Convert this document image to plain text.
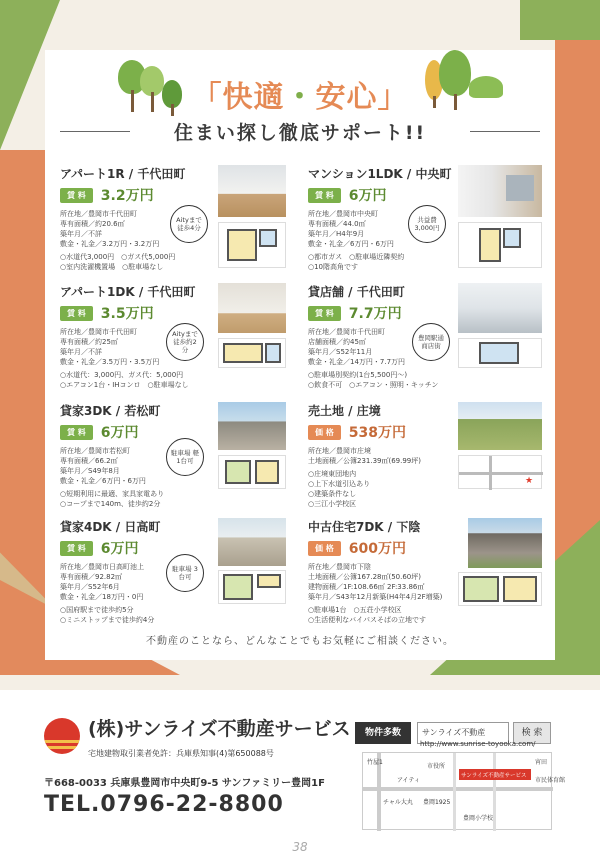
「快適・安心」
住まい探し徹底サポート!!
アパート1R / 千代田町
賃 料	3.2万円
所在地／豊岡市千代田町
専有面積／約20.6㎡
築年月／不詳
敷金・礼金／3.2万円・3.2万円
○水道代3,000円　○ガス代5,000円
○室内洗濯機置場　○駐車場なし
Aityまで 徒歩4分
マンション1LDK / 中央町
賃 料	6万円
所在地／豊岡市中央町
専有面積／44.0㎡
築年月／H4年9月
敷金・礼金／6万円・6万円
○都市ガス　○駐車場近隣契約
○10階高角です
共益費 3,000円
アパート1DK / 千代田町
賃 料	3.5万円
所在地／豊岡市千代田町
専有面積／約25㎡
築年月／不詳
敷金・礼金／3.5万円・3.5万円
○水道代：3,000円、ガス代：5,000円
○エアコン1台・IHコンロ　○駐車場なし
Aityまで 徒歩約2分
貸店舗 / 千代田町
賃 料	7.7万円
所在地／豊岡市千代田町
店舗面積／約45㎡
築年月／S52年11月
敷金・礼金／14万円・7.7万円
○駐車場別契約(1台5,500円〜)
○飲食不可　○エアコン・照明・キッチン
豊岡駅通 商店街
貸家3DK / 若松町
賃 料	6万円
所在地／豊岡市若松町
専有面積／66.2㎡
築年月／S49年8月
敷金・礼金／6万円・6万円
○短期利用に最適、家具家電あり
○コープまで140m、徒歩約2分
駐車場 軽1台可
売土地 / 庄境
価 格	538万円
所在地／豊岡市庄境
土地面積／公簿231.39㎡(69.99坪)
○庄境東団地内
○上下水道引込あり
○建築条件なし
○三江小学校区
★
貸家4DK / 日高町
賃 料	6万円
所在地／豊岡市日高町池上
専有面積／92.82㎡
築年月／S52年6月
敷金・礼金／18万円・0円
○国府駅まで徒歩約5分
○ミニストップまで徒歩約4分
駐車場 3台可
中古住宅7DK / 下陰
価 格	600万円
所在地／豊岡市下陰
土地面積／公簿167.28㎡(50.60坪)
建物面積／1F:108.66㎡ 2F:33.86㎡
築年月／S43年12月新築(H4年4月2F増築)
○駐車場1台　○五荘小学校区
○生活便利なバイパスそばの立地です
不動産のことなら、どんなことでもお気軽にご相談ください。
(株)サンライズ不動産サービス
宅地建物取引業者免許：兵庫県知事(4)第650088号
〒668-0033 兵庫県豊岡市中央町9-5 サンファミリー豊岡1F
TEL.0796-22-8800
物件多数	サンライズ不動産	検 索
http://www.sunrise-toyooka.com/
竹屋1
アイティ
市役所
サンライズ不動産サービス
宵田
市民体育館
チャル大丸 豊岡1925
豊岡小学校
38
